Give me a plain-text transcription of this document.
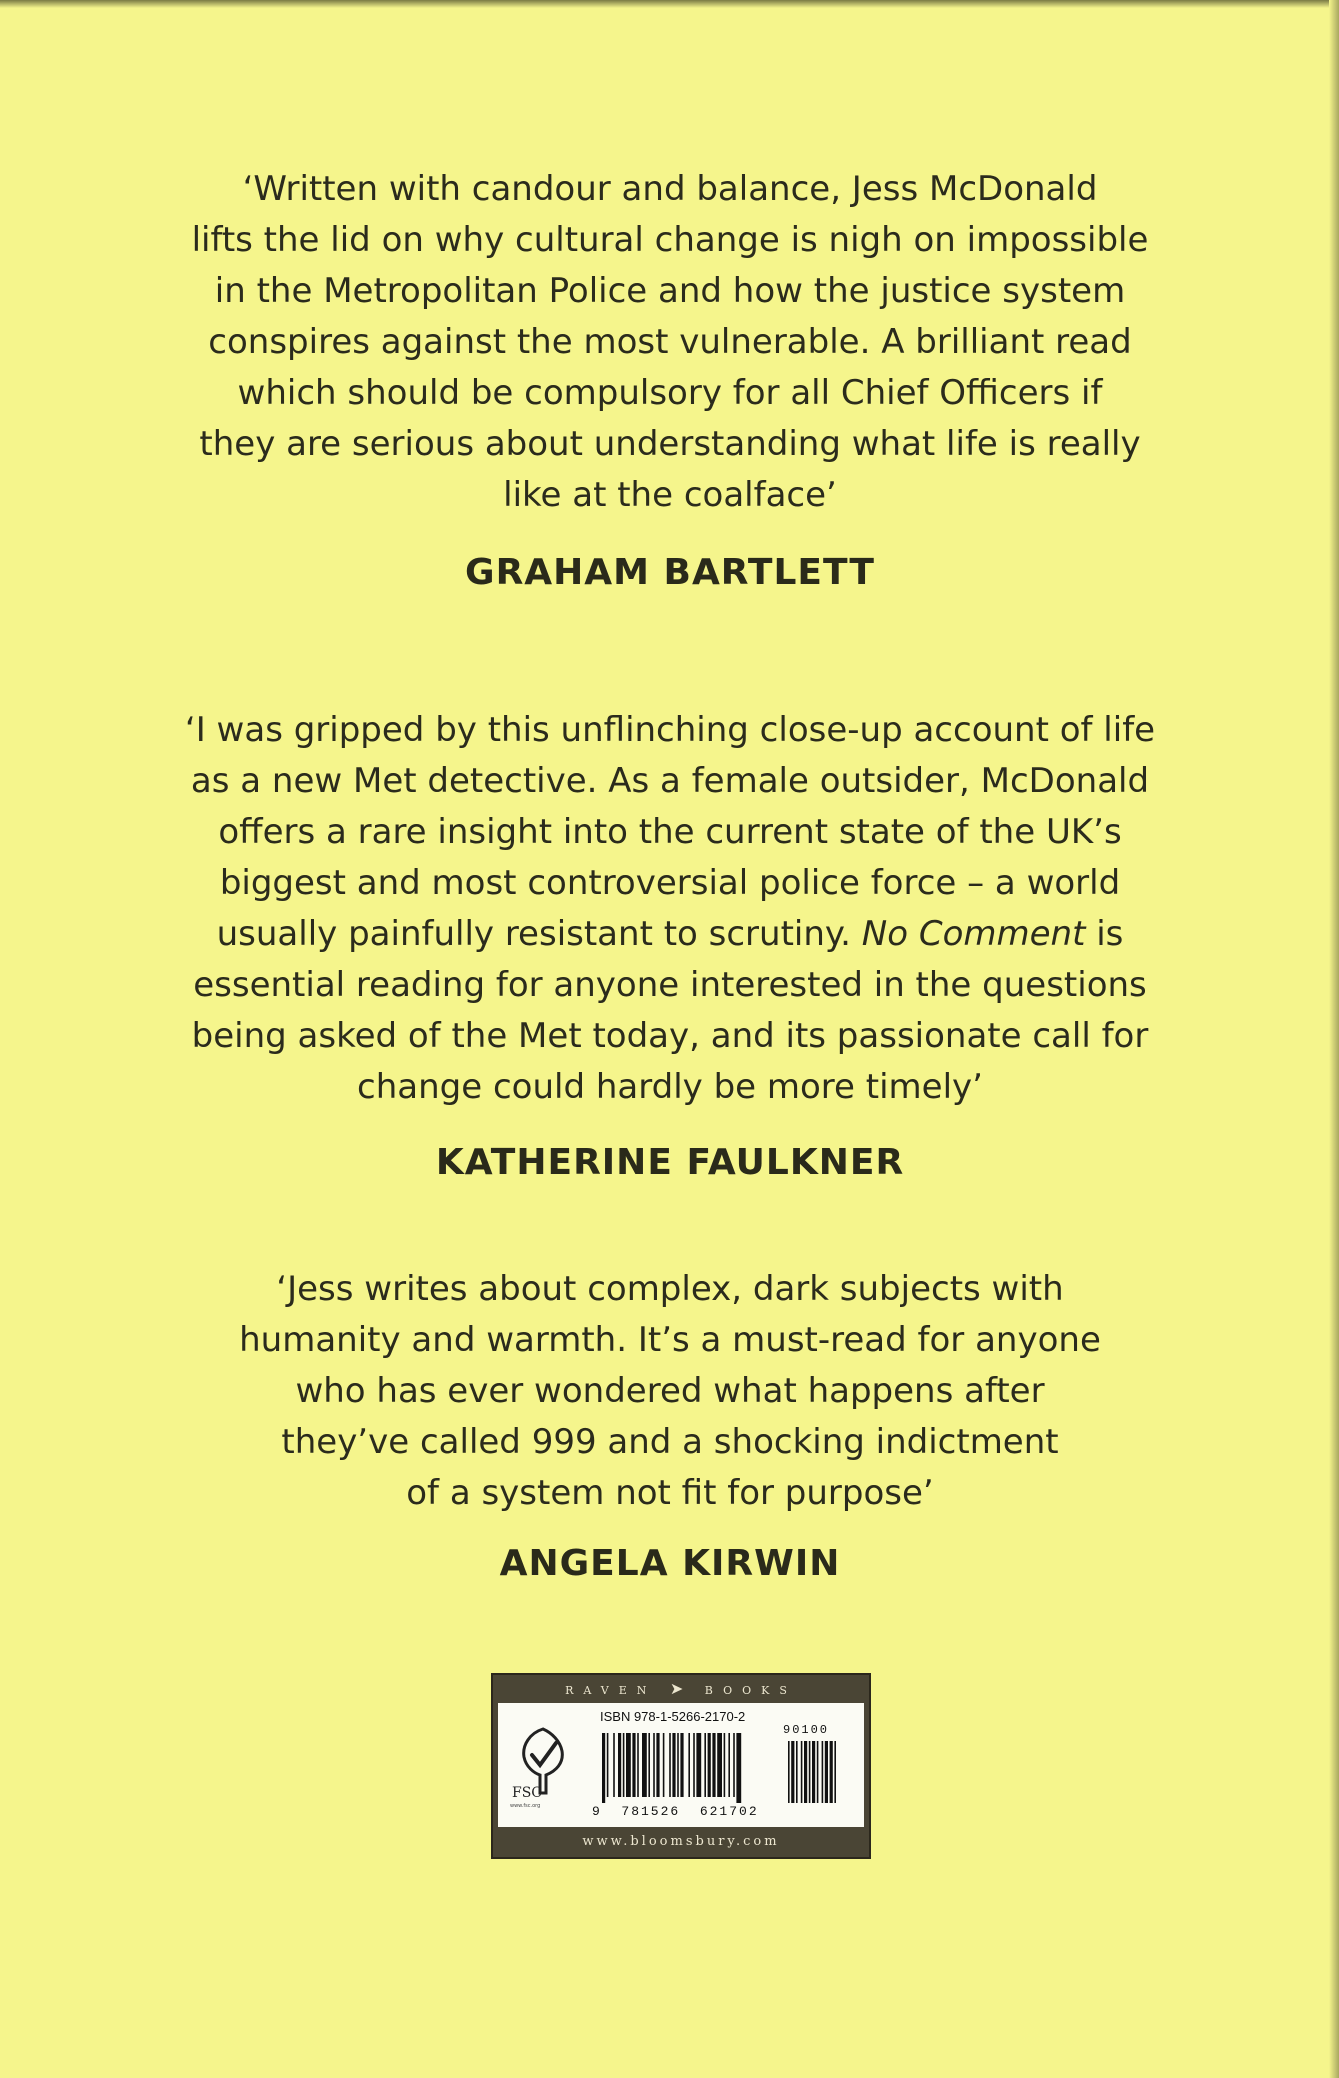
‘Written with candour and balance, Jess McDonald
lifts the lid on why cultural change is nigh on impossible
in the Metropolitan Police and how the justice system
conspires against the most vulnerable. A brilliant read
which should be compulsory for all Chief Officers if
they are serious about understanding what life is really
like at the coalface’
GRAHAM BARTLETT
‘I was gripped by this unflinching close-up account of life
as a new Met detective. As a female outsider, McDonald
offers a rare insight into the current state of the UK’s
biggest and most controversial police force – a world
usually painfully resistant to scrutiny. No Comment is
essential reading for anyone interested in the questions
being asked of the Met today, and its passionate call for
change could hardly be more timely’
KATHERINE FAULKNER
‘Jess writes about complex, dark subjects with
humanity and warmth. It’s a must-read for anyone
who has ever wondered what happens after
they’ve called 999 and a shocking indictment
of a system not fit for purpose’
ANGELA KIRWIN
RAVEN ➤ BOOKS
FSC
www.fsc.org
ISBN 978-1-5266-2170-2
90100
9  781526  621702
www.bloomsbury.com
